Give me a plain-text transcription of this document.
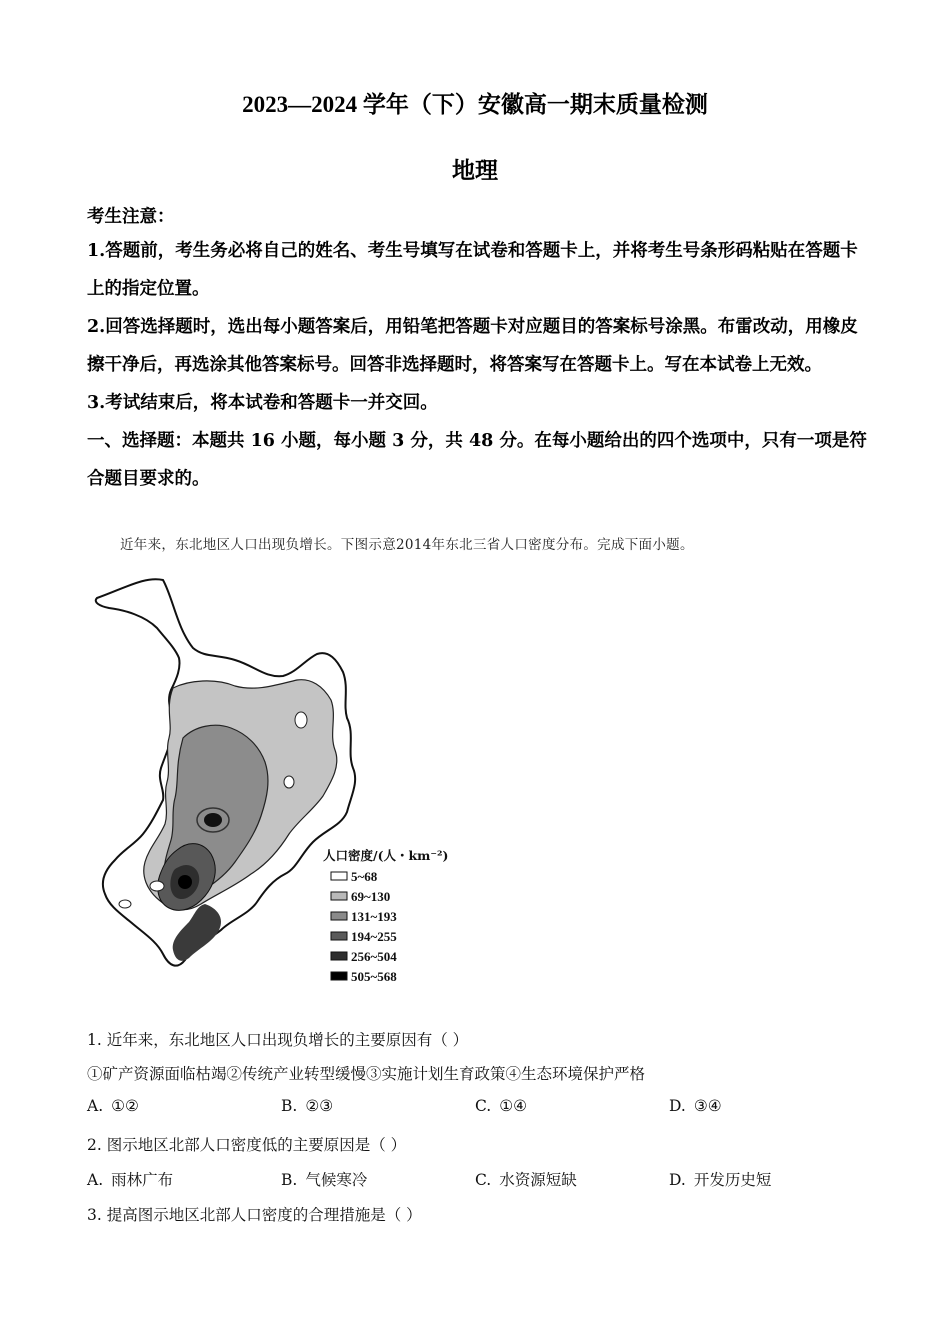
2023—2024 学年（下）安徽高一期末质量检测
地理

考生注意：

1.答题前，考生务必将自己的姓名、考生号填写在试卷和答题卡上，并将考生号条形码粘贴在答题卡上的指定位置。

2.回答选择题时，选出每小题答案后，用铅笔把答题卡对应题目的答案标号涂黑。布雷改动，用橡皮擦干净后，再选涂其他答案标号。回答非选择题时，将答案写在答题卡上。写在本试卷上无效。

3.考试结束后，将本试卷和答题卡一并交回。

一、选择题：本题共 16 小题，每小题 3 分，共 48 分。在每小题给出的四个选项中，只有一项是符合题目要求的。

近年来，东北地区人口出现负增长。下图示意2014年东北三省人口密度分布。完成下面小题。
人口密度/(人・km⁻²)
5~68
69~130
131~193
194~255
256~504
505~568
1. 近年来，东北地区人口出现负增长的主要原因有（ ）
①矿产资源面临枯竭②传统产业转型缓慢③实施计划生育政策④生态环境保护严格
A. ①②	B. ②③	C. ①④	D. ③④
2. 图示地区北部人口密度低的主要原因是（ ）
A. 雨林广布	B. 气候寒冷	C. 水资源短缺	D. 开发历史短
3. 提高图示地区北部人口密度的合理措施是（ ）
